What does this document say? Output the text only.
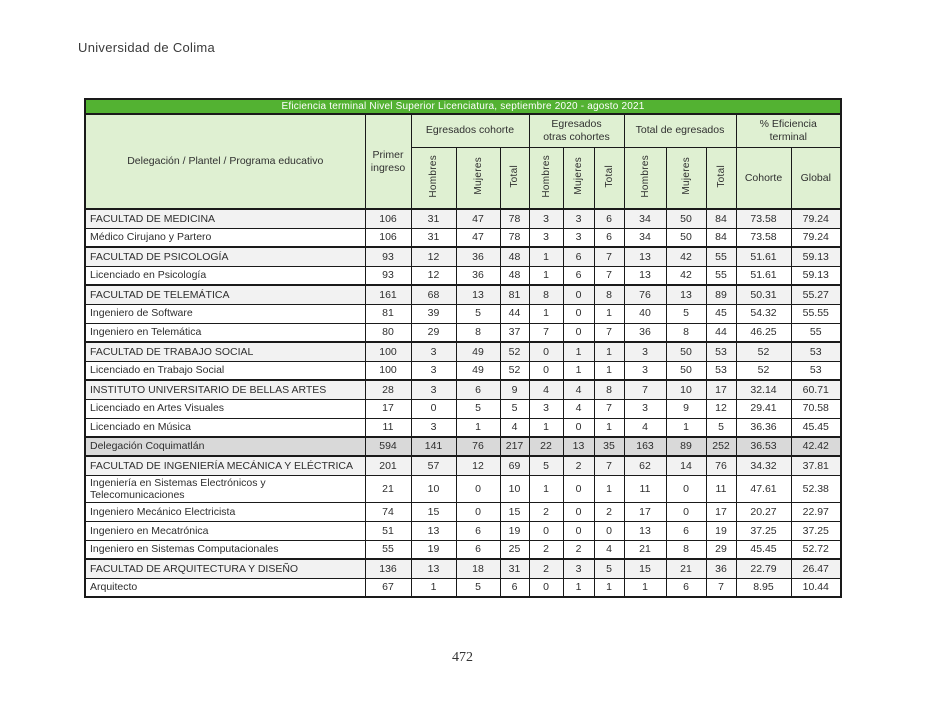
Universidad de Colima
Eficiencia terminal Nivel Superior Licenciatura, septiembre 2020 - agosto 2021												
Delegación / Plantel / Programa educativo	Primer ingreso	Egresados cohorte			Egresados otras cohortes			Total de egresados			% Eficiencia terminal	
		Hombres	Mujeres	Total	Hombres	Mujeres	Total	Hombres	Mujeres	Total	Cohorte	Global
FACULTAD DE MEDICINA	106	31	47	78	3	3	6	34	50	84	73.58	79.24
Médico Cirujano y Partero	106	31	47	78	3	3	6	34	50	84	73.58	79.24
FACULTAD DE PSICOLOGÍA	93	12	36	48	1	6	7	13	42	55	51.61	59.13
Licenciado en Psicología	93	12	36	48	1	6	7	13	42	55	51.61	59.13
FACULTAD DE TELEMÁTICA	161	68	13	81	8	0	8	76	13	89	50.31	55.27
Ingeniero de Software	81	39	5	44	1	0	1	40	5	45	54.32	55.55
Ingeniero en Telemática	80	29	8	37	7	0	7	36	8	44	46.25	55
FACULTAD DE TRABAJO SOCIAL	100	3	49	52	0	1	1	3	50	53	52	53
Licenciado en Trabajo Social	100	3	49	52	0	1	1	3	50	53	52	53
INSTITUTO UNIVERSITARIO DE BELLAS ARTES	28	3	6	9	4	4	8	7	10	17	32.14	60.71
Licenciado en Artes Visuales	17	0	5	5	3	4	7	3	9	12	29.41	70.58
Licenciado en Música	11	3	1	4	1	0	1	4	1	5	36.36	45.45
Delegación Coquimatlán	594	141	76	217	22	13	35	163	89	252	36.53	42.42
FACULTAD DE INGENIERÍA MECÁNICA Y ELÉCTRICA	201	57	12	69	5	2	7	62	14	76	34.32	37.81
Ingeniería en Sistemas Electrónicos y Telecomunicaciones	21	10	0	10	1	0	1	11	0	11	47.61	52.38
Ingeniero Mecánico Electricista	74	15	0	15	2	0	2	17	0	17	20.27	22.97
Ingeniero en Mecatrónica	51	13	6	19	0	0	0	13	6	19	37.25	37.25
Ingeniero en Sistemas Computacionales	55	19	6	25	2	2	4	21	8	29	45.45	52.72
FACULTAD DE ARQUITECTURA Y DISEÑO	136	13	18	31	2	3	5	15	21	36	22.79	26.47
Arquitecto	67	1	5	6	0	1	1	1	6	7	8.95	10.44
472
